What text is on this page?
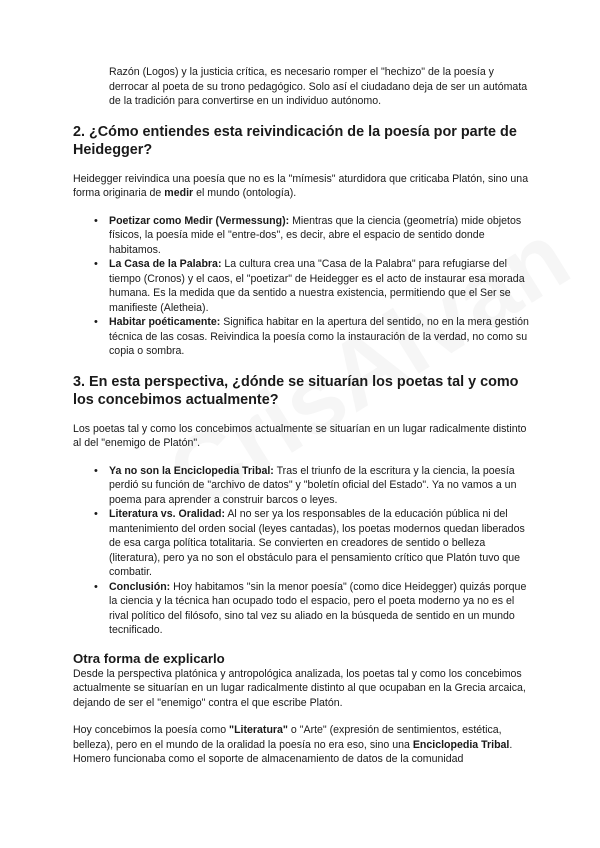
Razón (Logos) y la justicia crítica, es necesario romper el "hechizo" de la poesía y derrocar al poeta de su trono pedagógico. Solo así el ciudadano deja de ser un autómata de la tradición para convertirse en un individuo autónomo.

2. ¿Cómo entiendes esta reivindicación de la poesía por parte de Heidegger?

Heidegger reivindica una poesía que no es la "mímesis" aturdidora que criticaba Platón, sino una forma originaria de medir el mundo (ontología).

• Poetizar como Medir (Vermessung): Mientras que la ciencia (geometría) mide objetos físicos, la poesía mide el "entre-dos", es decir, abre el espacio de sentido donde habitamos.
• La Casa de la Palabra: La cultura crea una "Casa de la Palabra" para refugiarse del tiempo (Cronos) y el caos, el "poetizar" de Heidegger es el acto de instaurar esa morada humana. Es la medida que da sentido a nuestra existencia, permitiendo que el Ser se manifieste (Aletheia).
• Habitar poéticamente: Significa habitar en la apertura del sentido, no en la mera gestión técnica de las cosas. Reivindica la poesía como la instauración de la verdad, no como su copia o sombra.
3. En esta perspectiva, ¿dónde se situarían los poetas tal y como los concebimos actualmente?

Los poetas tal y como los concebimos actualmente se situarían en un lugar radicalmente distinto al del "enemigo de Platón".

• Ya no son la Enciclopedia Tribal: Tras el triunfo de la escritura y la ciencia, la poesía perdió su función de "archivo de datos" y "boletín oficial del Estado". Ya no vamos a un poema para aprender a construir barcos o leyes.
• Literatura vs. Oralidad: Al no ser ya los responsables de la educación pública ni del mantenimiento del orden social (leyes cantadas), los poetas modernos quedan liberados de esa carga política totalitaria. Se convierten en creadores de sentido o belleza (literatura), pero ya no son el obstáculo para el pensamiento crítico que Platón tuvo que combatir.
• Conclusión: Hoy habitamos "sin la menor poesía" (como dice Heidegger) quizás porque la ciencia y la técnica han ocupado todo el espacio, pero el poeta moderno ya no es el rival político del filósofo, sino tal vez su aliado en la búsqueda de sentido en un mundo tecnificado.
Otra forma de explicarlo

Desde la perspectiva platónica y antropológica analizada, los poetas tal y como los concebimos actualmente se situarían en un lugar radicalmente distinto al que ocupaban en la Grecia arcaica, dejando de ser el "enemigo" contra el que escribe Platón.

Hoy concebimos la poesía como "Literatura" o "Arte" (expresión de sentimientos, estética, belleza), pero en el mundo de la oralidad la poesía no era eso, sino una Enciclopedia Tribal. Homero funcionaba como el soporte de almacenamiento de datos de la comunidad
